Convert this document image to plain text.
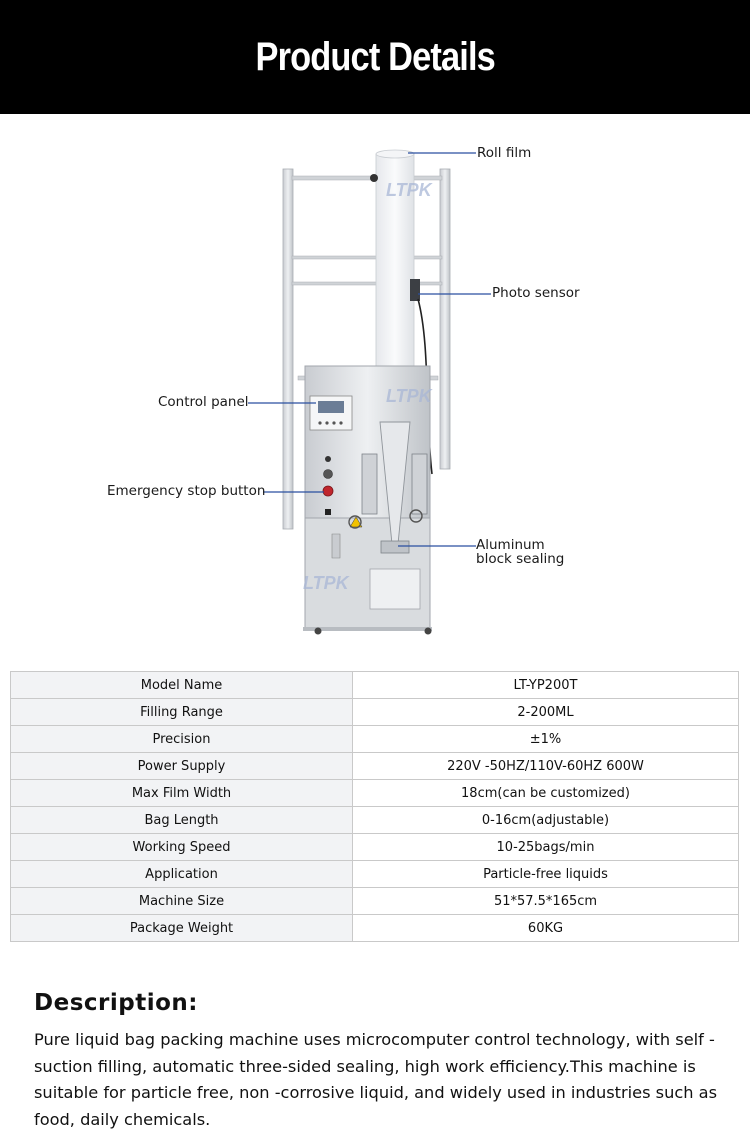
Product Details
LTPK
LTPK
LTPK
Roll film
Photo sensor
Control panel
Emergency stop button
Aluminum
block sealing
Model Name	LT-YP200T
Filling Range	2-200ML
Precision	±1%
Power Supply	220V -50HZ/110V-60HZ 600W
Max Film Width	18cm(can be customized)
Bag Length	0-16cm(adjustable)
Working Speed	10-25bags/min
Application	Particle-free liquids
Machine Size	51*57.5*165cm
Package Weight	60KG
Description:

Pure liquid bag packing machine uses microcomputer control technology, with self -suction filling, automatic three-sided sealing, high work efficiency.This machine is suitable for particle free, non -corrosive liquid, and widely used in industries such as food, daily chemicals.
